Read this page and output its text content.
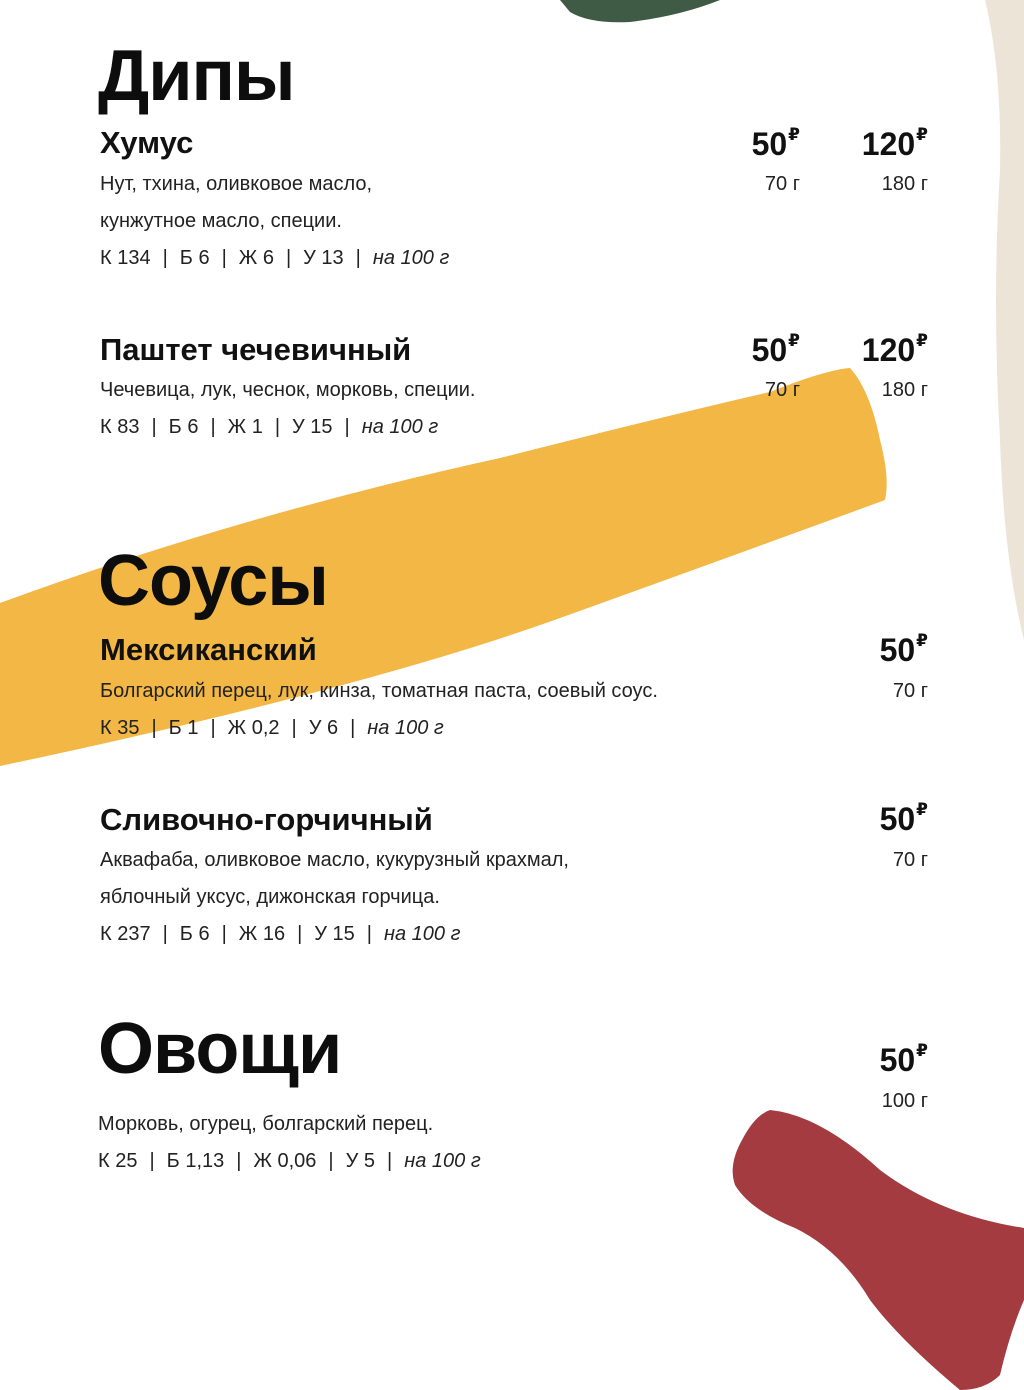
Дипы
Хумус

Нут, тхина, оливковое масло,

кунжутное масло, специи.

К 134 | Б 6 | Ж 6 | У 13 | на 100 г
50₽
70 г
120₽
180 г
Паштет чечевичный

Чечевица, лук, чеснок, морковь, специи.

К 83 | Б 6 | Ж 1 | У 15 | на 100 г
50₽
70 г
120₽
180 г
Соусы
Мексиканский

Болгарский перец, лук, кинза, томатная паста, соевый соус.

К 35 | Б 1 | Ж 0,2 | У 6 | на 100 г
50₽
70 г
Сливочно-горчичный

Аквафаба, оливковое масло, кукурузный крахмал,

яблочный уксус, дижонская горчица.

К 237 | Б 6 | Ж 16 | У 15 | на 100 г
50₽
70 г
Овощи

Морковь, огурец, болгарский перец.

К 25 | Б 1,13 | Ж 0,06 | У 5 | на 100 г
50₽
100 г
